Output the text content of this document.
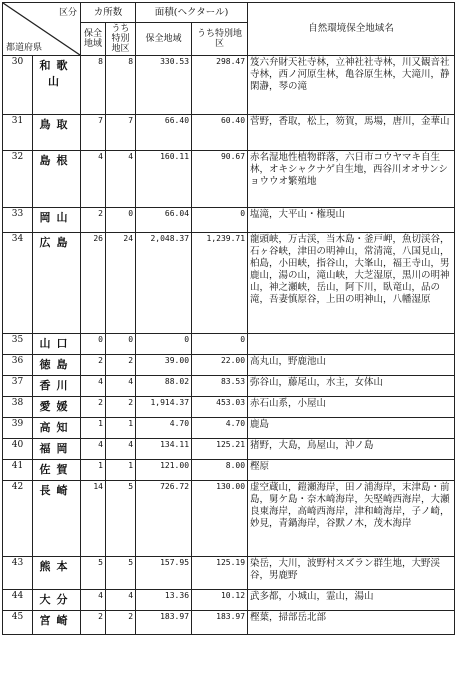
区分
都道府県		カ所数		面積(ヘクタール)		自然環境保全地域名
		保全地域	うち特別地区	保全地域	うち特別地区	
30	和歌山	8	8	330.53	298.47	笈六弁財天社寺林，立神社社寺林，川又観音社寺林，西ノ河原生林，亀谷原生林，大滝川，静閑瀞，琴の滝
31	鳥取	7	7	66.40	60.40	菅野，香取，松上，笏賀，馬場，唐川，金華山
32	島根	4	4	160.11	90.67	赤名湿地性植物群落，六日市コウヤマキ自生林，オキシャクナゲ自生地，西谷川オオサンショウウオ繁殖地
33	岡山	2	0	66.04	0	塩滝，大平山・権現山
34	広島	26	24	2,048.37	1,239.71	龍頭峡，万古渓，当木島・釜戸岬，魚切渓谷，石ヶ谷峡，津田の明神山，常清滝，八国見山，柏島，小田峡，指谷山，大峯山，福王寺山，男鹿山，湯の山，滝山峡，大芝湿原，黒川の明神山，神之瀬峡，岳山，阿下川，臥竜山，品の滝，吾妻慎原谷，上田の明神山，八幡湿原
35	山口	0	0	0	0	
36	徳島	2	2	39.00	22.00	高丸山，野鹿池山
37	香川	4	4	88.02	83.53	弥谷山，藤尾山，水主，女体山
38	愛媛	2	2	1,914.37	453.03	赤石山系，小屋山
39	高知	1	1	4.70	4.70	鹿島
40	福岡	4	4	134.11	125.21	猪野，大島，鳥屋山，沖ノ島
41	佐賀	1	1	121.00	8.00	樫原
42	長崎	14	5	726.72	130.00	虚空蔵山，鎧瀬海岸，田ノ浦海岸，末津島・前島，舅ケ島・奈木崎海岸，矢堅崎西海岸，大瀬良東海岸，高崎西海岸，津和崎海岸，子ノ崎，妙見，青鍋海岸，谷默ノ木，茂木海岸
43	熊本	5	5	157.95	125.19	染岳，大川，波野村スズラン群生地，大野渓谷，男鹿野
44	大分	4	4	13.36	10.12	武多都，小城山，霊山，湯山
45	宮崎	2	2	183.97	183.97	樫葉，掃部岳北部
